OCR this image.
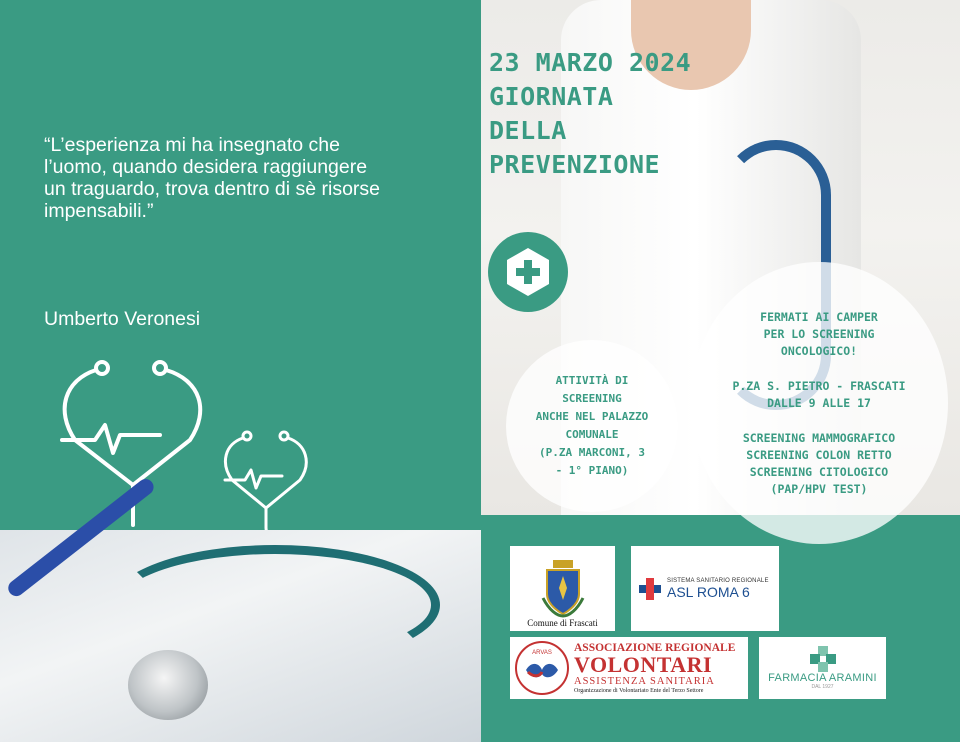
23 MARZO 2024
GIORNATA
DELLA
PREVENZIONE
ATTIVITÀ DI
SCREENING
ANCHE NEL PALAZZO
COMUNALE
(P.ZA MARCONI, 3
- 1° PIANO)

FERMATI AI CAMPER

PER LO SCREENING

ONCOLOGICO!

P.ZA S. PIETRO - FRASCATI

DALLE 9 ALLE 17

SCREENING MAMMOGRAFICO

SCREENING COLON RETTO

SCREENING CITOLOGICO

(PAP/HPV TEST)

“L’esperienza mi ha insegnato che l’uomo, quando desidera raggiungere un traguardo, trova dentro di sè risorse impensabili.”
Umberto Veronesi
Comune di Frascati
SISTEMA SANITARIO REGIONALE
ASL ROMA 6
ARVAS ASSOCIAZIONE REGIONALE
VOLONTARI
ASSISTENZA SANITARIA
Organizzazione di Volontariato Ente del Terzo Settore
FARMACIA ARAMINI
DAL 1927
